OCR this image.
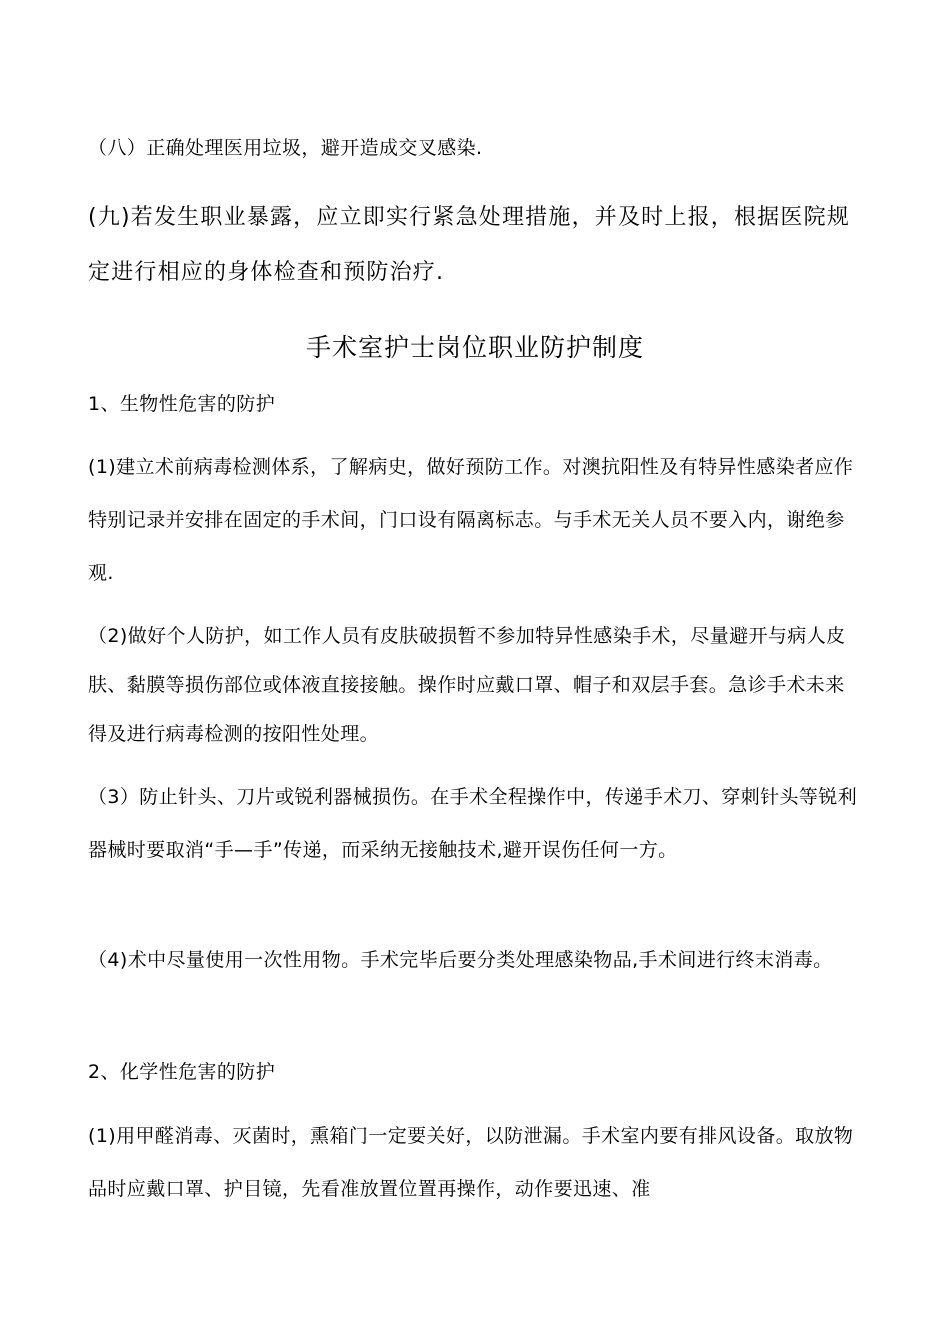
（八）正确处理医用垃圾，避开造成交叉感染.

(九)若发生职业暴露，应立即实行紧急处理措施，并及时上报，根据医院规定进行相应的身体检查和预防治疗.

手术室护士岗位职业防护制度

1、生物性危害的防护

(1)建立术前病毒检测体系，了解病史，做好预防工作。对澳抗阳性及有特异性感染者应作特别记录并安排在固定的手术间，门口设有隔离标志。与手术无关人员不要入内，谢绝参观.

（2)做好个人防护，如工作人员有皮肤破损暂不参加特异性感染手术，尽量避开与病人皮肤、黏膜等损伤部位或体液直接接触。操作时应戴口罩、帽子和双层手套。急诊手术未来得及进行病毒检测的按阳性处理。

（3）防止针头、刀片或锐利器械损伤。在手术全程操作中，传递手术刀、穿刺针头等锐利器械时要取消“手—手”传递，而采纳无接触技术,避开误伤任何一方。

（4)术中尽量使用一次性用物。手术完毕后要分类处理感染物品,手术间进行终末消毒。

2、化学性危害的防护

(1)用甲醛消毒、灭菌时，熏箱门一定要关好，以防泄漏。手术室内要有排风设备。取放物品时应戴口罩、护目镜，先看准放置位置再操作，动作要迅速、准
